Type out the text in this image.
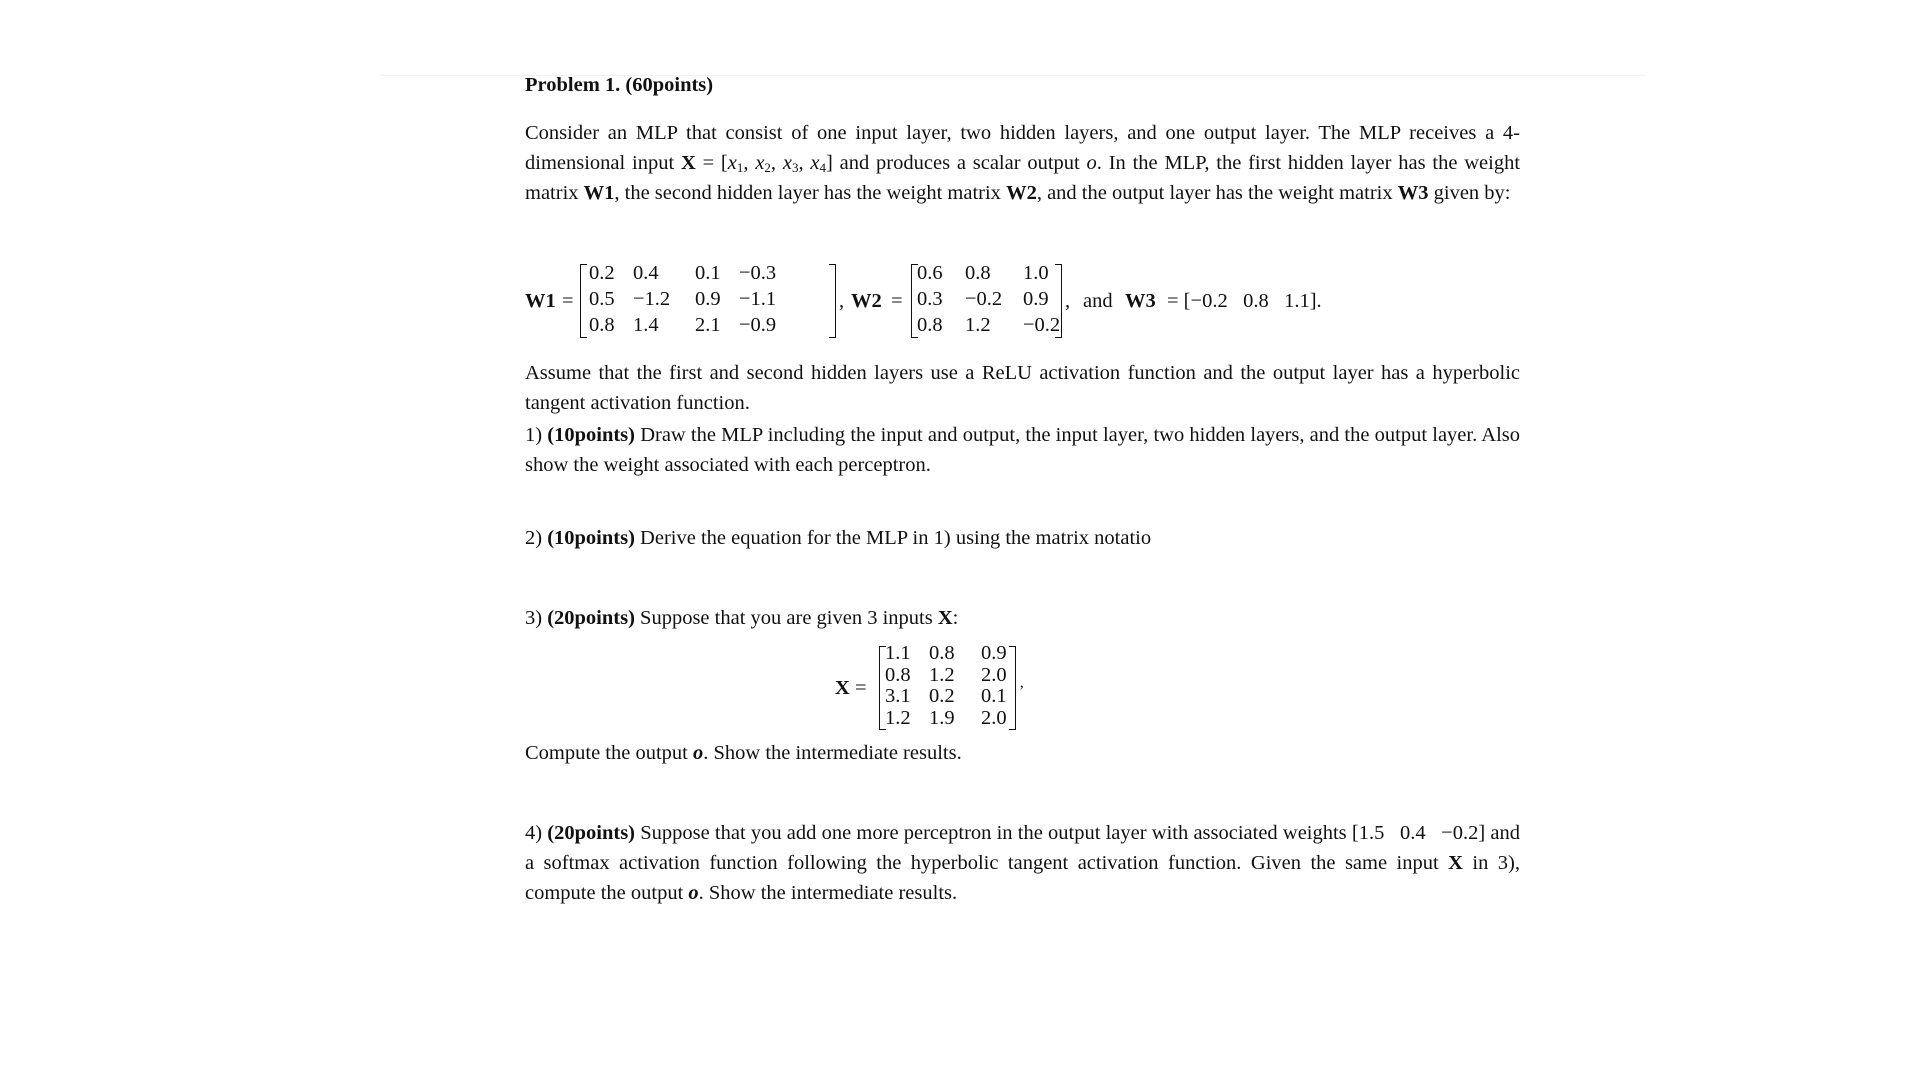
Problem 1. (60points)

Consider an MLP that consist of one input layer, two hidden layers, and one output layer. The MLP receives a 4-dimensional input $X = [x_1$, $x_2$, $x_3$, $x_4$] and produces a scalar output o. In the MLP, the first hidden layer has the weight matrix W1, the second hidden layer has the weight matrix W2, and the output layer has the weight matrix W3 given by:

W1 =
0.2 0.4	0.1 −0.3
0.5 −1.2	0.9 −1.1
0.8 1.4	2.1 −0.9
, W2 =
0.6	0.8	1.0
0.3	−0.2	0.9
0.8	1.2	−0.2
, and W3 = [−0.2   0.8   1.1].

Assume that the first and second hidden layers use a ReLU activation function and the output layer has a hyperbolic tangent activation function.

1) (10points) Draw the MLP including the input and output, the input layer, two hidden layers, and the output layer. Also show the weight associated with each perceptron.

2) (10points) Derive the equation for the MLP in 1) using the matrix notatio

3) (20points) Suppose that you are given 3 inputs X:

X =
1.1 0.8	0.9
0.8 1.2	2.0
3.1 0.2	0.1
1.2 1.9	2.0
’

Compute the output o. Show the intermediate results.

4) (20points) Suppose that you add one more perceptron in the output layer with associated weights [1.5   0.4   −0.2] and a softmax activation function following the hyperbolic tangent activation function. Given the same input X in 3), compute the output o. Show the intermediate results.
